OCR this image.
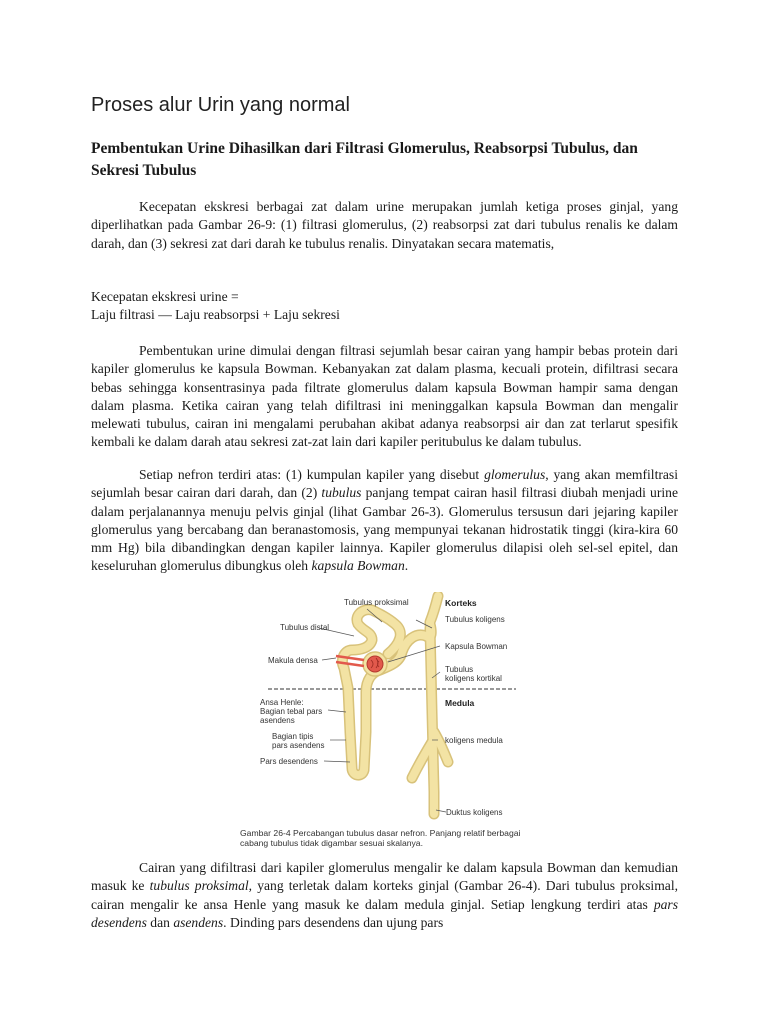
Proses alur Urin yang normal
Pembentukan Urine Dihasilkan dari Filtrasi Glomerulus, Reabsorpsi Tubulus, dan Sekresi Tubulus

Kecepatan ekskresi berbagai zat dalam urine merupakan jumlah ketiga proses ginjal, yang diperlihatkan pada Gambar 26-9: (1) filtrasi glomerulus, (2) reabsorpsi zat dari tubulus renalis ke dalam darah, dan (3) sekresi zat dari darah ke tubulus renalis. Dinyatakan secara matematis,

Kecepatan ekskresi urine =
Laju filtrasi — Laju reabsorpsi + Laju sekresi

Pembentukan urine dimulai dengan filtrasi sejumlah besar cairan yang hampir bebas protein dari kapiler glomerulus ke kapsula Bowman. Kebanyakan zat dalam plasma, kecuali protein, difiltrasi secara bebas sehingga konsentrasinya pada filtrate glomerulus dalam kapsula Bowman hampir sama dengan dalam plasma. Ketika cairan yang telah difiltrasi ini meninggalkan kapsula Bowman dan mengalir melewati tubulus, cairan ini mengalami perubahan akibat adanya reabsorpsi air dan zat terlarut spesifik kembali ke dalam darah atau sekresi zat-zat lain dari kapiler peritubulus ke dalam tubulus.

Setiap nefron terdiri atas: (1) kumpulan kapiler yang disebut glomerulus, yang akan memfiltrasi sejumlah besar cairan dari darah, dan (2) tubulus panjang tempat cairan hasil filtrasi diubah menjadi urine dalam perjalanannya menuju pelvis ginjal (lihat Gambar 26-3). Glomerulus tersusun dari jejaring kapiler glomerulus yang bercabang dan beranastomosis, yang mempunyai tekanan hidrostatik tinggi (kira-kira 60 mm Hg) bila dibandingkan dengan kapiler lainnya. Kapiler glomerulus dilapisi oleh sel-sel epitel, dan keseluruhan glomerulus dibungkus oleh kapsula Bowman.

Tubulus proksimal	Korteks
Tubulus koligens
Tubulus distal
Kapsula Bowman
Makula densa
Tubulus
koligens kortikal
Ansa Henle:
Bagian tebal pars
asendens
Medula
Bagian tipis
pars asendens
koligens medula
Pars desendens
Duktus koligens

Gambar 26-4 Percabangan tubulus dasar nefron. Panjang relatif berbagai cabang tubulus tidak digambar sesuai skalanya.

Cairan yang difiltrasi dari kapiler glomerulus mengalir ke dalam kapsula Bowman dan kemudian masuk ke tubulus proksimal, yang terletak dalam korteks ginjal (Gambar 26-4). Dari tubulus proksimal, cairan mengalir ke ansa Henle yang masuk ke dalam medula ginjal. Setiap lengkung terdiri atas pars desendens dan asendens. Dinding pars desendens dan ujung pars
